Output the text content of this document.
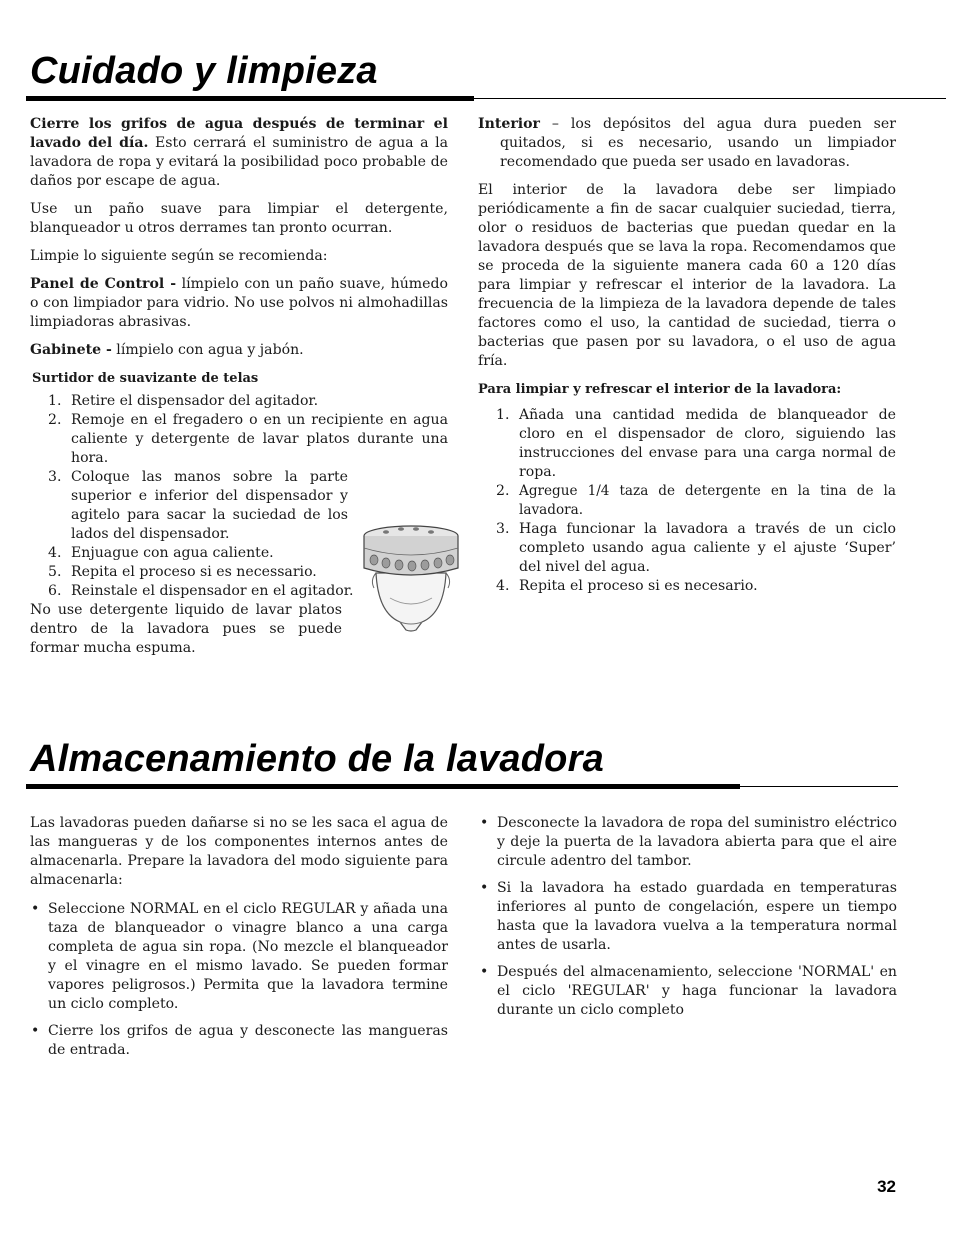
Cuidado y limpieza

Cierre los grifos de agua después de terminar el lavado del día. Esto cerrará el suministro de agua a la lavadora de ropa y evitará la posibilidad poco probable de daños por escape de agua.

Use un paño suave para limpiar el detergente, blanqueador u otros derrames tan pronto ocurran.

Limpie lo siguiente según se recomienda:

Panel de Control - límpielo con un paño suave, húmedo o con limpiador para vidrio. No use polvos ni almohadillas limpiadoras abrasivas.

Gabinete - límpielo con agua y jabón.

Surtidor de suavizante de telas
1. Retire el dispensador del agitador.
2. Remoje en el fregadero o en un recipiente en agua caliente y detergente de lavar platos durante una hora.
3. Coloque las manos sobre la parte superior e inferior del dispensador y agitelo para sacar la suciedad de los lados del dispensador.
4. Enjuague con agua caliente.
5. Repita el proceso si es necessario.
6. Reinstale el dispensador en el agitador.

No use detergente liquido de lavar platos dentro de la lavadora pues se puede formar mucha espuma.

Interior – los depósitos del agua dura pueden ser quitados, si es necesario, usando un limpiador recomendado que pueda ser usado en lavadoras.

El interior de la lavadora debe ser limpiado periódicamente a fin de sacar cualquier suciedad, tierra, olor o residuos de bacterias que puedan quedar en la lavadora después que se lava la ropa. Recomendamos que se proceda de la siguiente manera cada 60 a 120 días para limpiar y refrescar el interior de la lavadora. La frecuencia de la limpieza de la lavadora depende de tales factores como el uso, la cantidad de suciedad, tierra o bacterias que pasen por su lavadora, o el uso de agua fría.

Para limpiar y refrescar el interior de la lavadora:
1. Añada una cantidad medida de blanqueador de cloro en el dispensador de cloro, siguiendo las instrucciones del envase para una carga normal de ropa.
2. Agregue 1/4 taza de detergente en la tina de la lavadora.
3. Haga funcionar la lavadora a través de un ciclo completo usando agua caliente y el ajuste ‘Super’ del nivel del agua.
4. Repita el proceso si es necesario.
Almacenamiento de la lavadora

Las lavadoras pueden dañarse si no se les saca el agua de las mangueras y de los componentes internos antes de almacenarla. Prepare la lavadora del modo siguiente para almacenarla:

• Seleccione NORMAL en el ciclo REGULAR y añada una taza de blanqueador o vinagre blanco a una carga completa de agua sin ropa. (No mezcle el blanqueador y el vinagre en el mismo lavado. Se pueden formar vapores peligrosos.) Permita que la lavadora termine un ciclo completo.
• Cierre los grifos de agua y desconecte las mangueras de entrada.
• Desconecte la lavadora de ropa del suministro eléctrico y deje la puerta de la lavadora abierta para que el aire circule adentro del tambor.
• Si la lavadora ha estado guardada en temperaturas inferiores al punto de congelación, espere un tiempo hasta que la lavadora vuelva a la temperatura normal antes de usarla.
• Después del almacenamiento, seleccione 'NORMAL' en el ciclo 'REGULAR' y haga funcionar la lavadora durante un ciclo completo
32
